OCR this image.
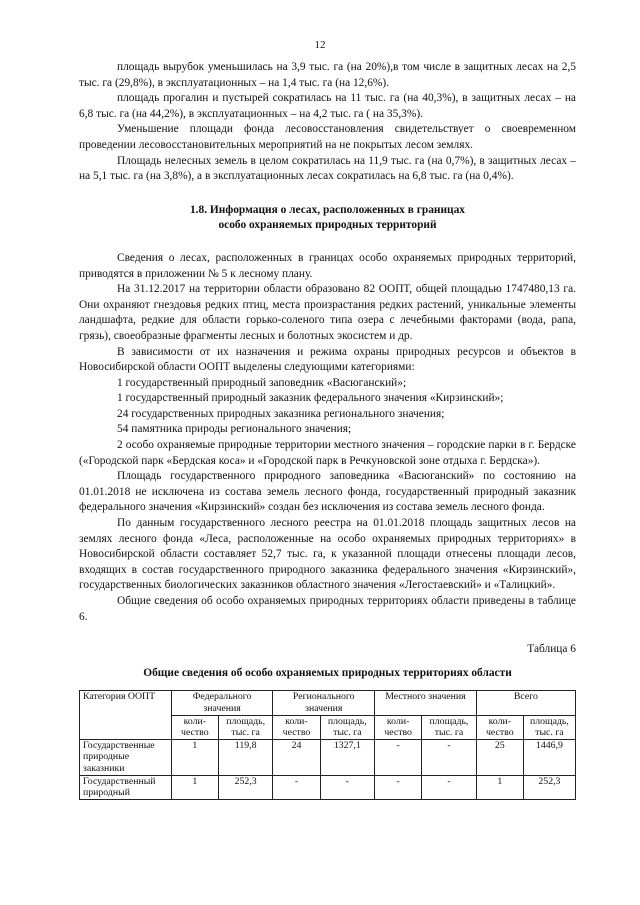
12

площадь вырубок уменьшилась на 3,9 тыс. га (на 20%),в том числе в защитных лесах на 2,5 тыс. га (29,8%), в эксплуатационных – на 1,4 тыс. га (на 12,6%).

площадь прогалин и пустырей сократилась на 11 тыс. га (на 40,3%), в защитных лесах – на 6,8 тыс. га (на 44,2%), в эксплуатационных – на 4,2 тыс. га ( на 35,3%).

Уменьшение площади фонда лесовосстановления свидетельствует о своевременном проведении лесовосстановительных мероприятий на не покрытых лесом землях.

Площадь нелесных земель в целом сократилась на 11,9 тыс. га (на 0,7%), в защитных лесах – на 5,1 тыс. га (на 3,8%), а в эксплуатационных лесах сократилась на 6,8 тыс. га (на 0,4%).

1.8. Информация о лесах, расположенных в границах
особо охраняемых природных территорий

Сведения о лесах, расположенных в границах особо охраняемых природных территорий, приводятся в приложении № 5 к лесному плану.

На 31.12.2017 на территории области образовано 82 ООПТ, общей площадью 1747480,13 га. Они охраняют гнездовья редких птиц, места произрастания редких растений, уникальные элементы ландшафта, редкие для области горько-соленого типа озера с лечебными факторами (вода, рапа, грязь), своеобразные фрагменты лесных и болотных экосистем и др.

В зависимости от их назначения и режима охраны природных ресурсов и объектов в Новосибирской области ООПТ выделены следующими категориями:

1 государственный природный заповедник «Васюганский»;

1 государственный природный заказник федерального значения «Кирзинский»;

24 государственных природных заказника регионального значения;

54 памятника природы регионального значения;

2 особо охраняемые природные территории местного значения – городские парки в г. Бердске («Городской парк «Бердская коса» и «Городской парк в Речкуновской зоне отдыха г. Бердска»).

Площадь государственного природного заповедника «Васюганский» по состоянию на 01.01.2018 не исключена из состава земель лесного фонда, государственный природный заказник федерального значения «Кирзинский» создан без исключения из состава земель лесного фонда.

По данным государственного лесного реестра на 01.01.2018 площадь защитных лесов на землях лесного фонда «Леса, расположенные на особо охраняемых природных территориях» в Новосибирской области составляет 52,7 тыс. га, к указанной площади отнесены площади лесов, входящих в состав государственного природного заказника федерального значения «Кирзинский», государственных биологических заказников областного значения «Легостаевский» и «Талицкий».

Общие сведения об особо охраняемых природных территориях области приведены в таблице 6.

Таблица 6
Общие сведения об особо охраняемых природных территориях области
Категория ООПТ	Федерального значения		Регионального значения		Местного значения		Всего	
	коли-чество	площадь, тыс. га	коли-чество	площадь, тыс. га	коли-чество	площадь, тыс. га	коли-чество	площадь, тыс. га
Государственные природные заказники	1	119,8	24	1327,1	-	-	25	1446,9
Государственный природный	1	252,3	-	-	-	-	1	252,3
